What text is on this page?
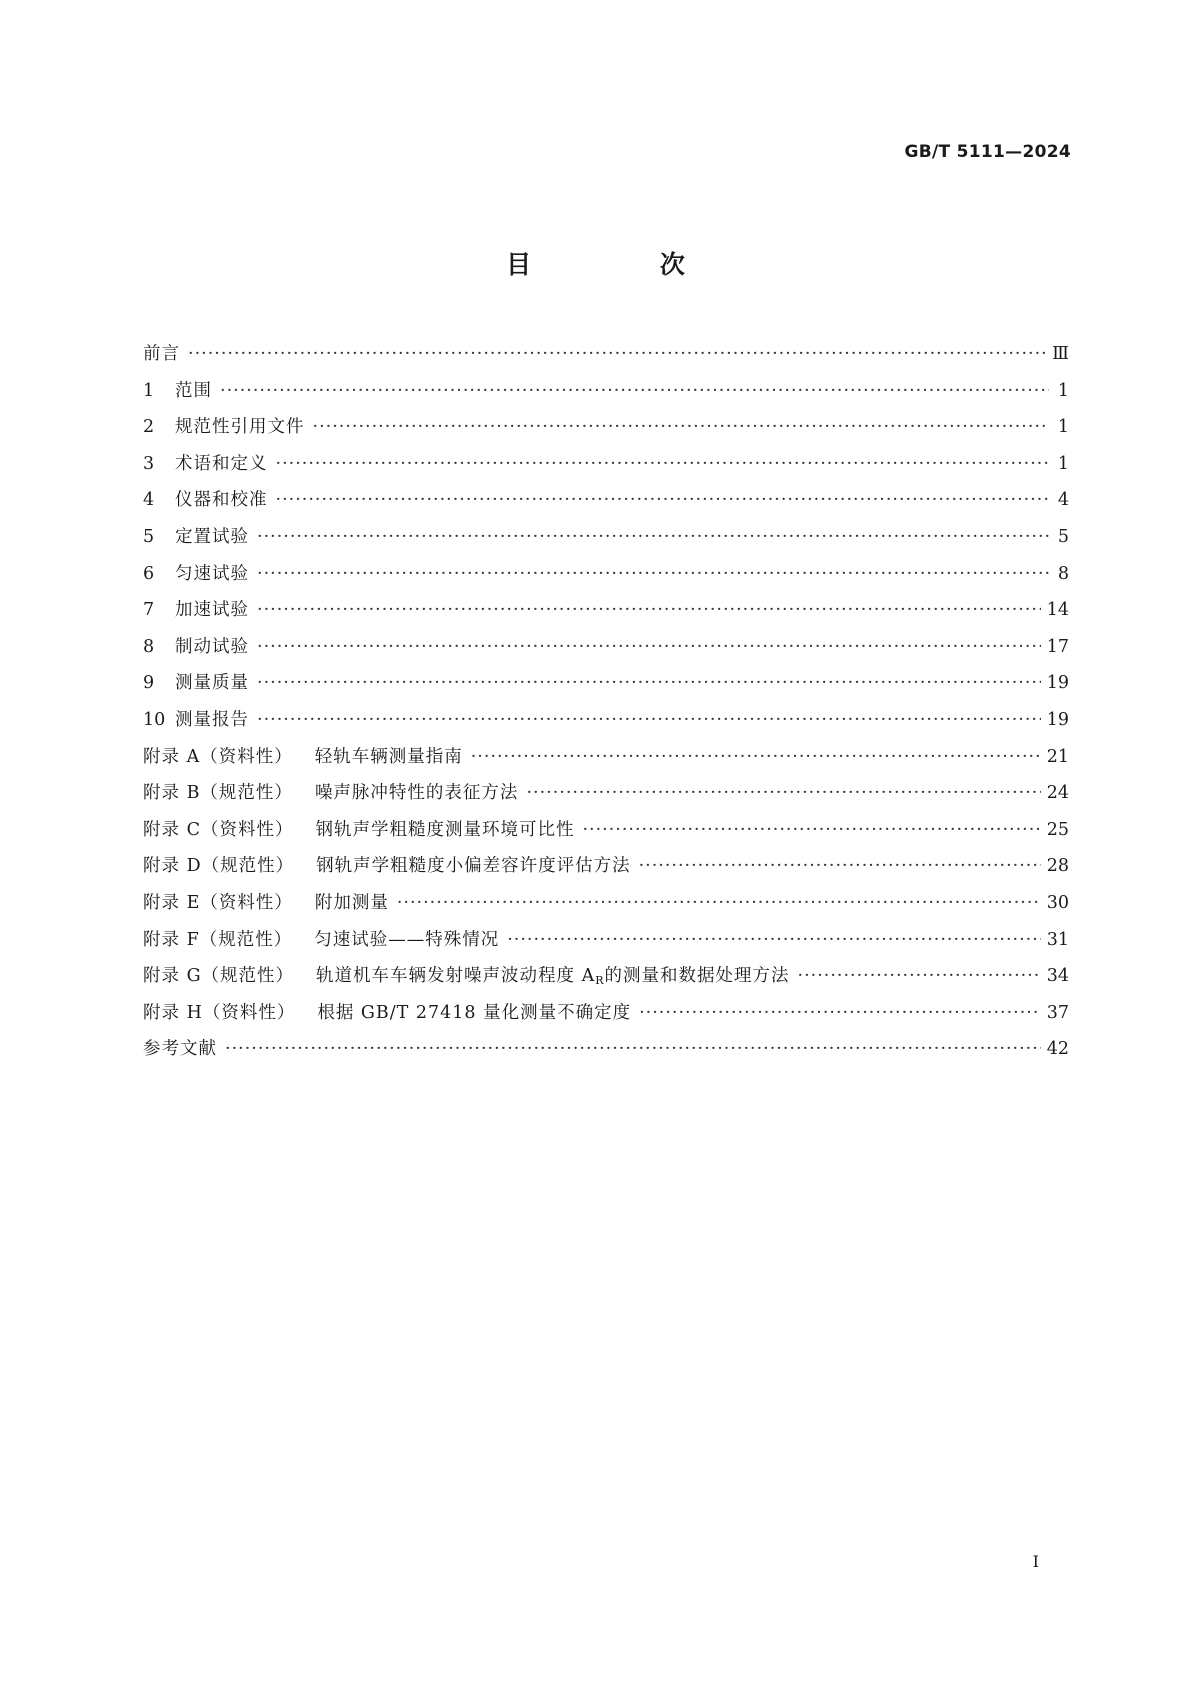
GB/T 5111—2024
目 次
前言 ·····	Ⅲ
1 范围 ·····	1
2 规范性引用文件 ·····	1
3 术语和定义 ·····	1
4 仪器和校准 ·····	4
5 定置试验 ·····	5
6 匀速试验 ·····	8
7 加速试验 ·····	14
8 制动试验 ·····	17
9 测量质量 ·····	19
10 测量报告 ·····	19
附录 A（资料性） 轻轨车辆测量指南 ·····	21
附录 B（规范性） 噪声脉冲特性的表征方法 ·····	24
附录 C（资料性） 钢轨声学粗糙度测量环境可比性 ·····	25
附录 D（规范性） 钢轨声学粗糙度小偏差容许度评估方法 ·····	28
附录 E（资料性） 附加测量 ·····	30
附录 F（规范性） 匀速试验——特殊情况 ·····	31
附录 G（规范性） 轨道机车车辆发射噪声波动程度 $A_R$的测量和数据处理方法 ·····	34
附录 H（资料性） 根据 GB/T 27418 量化测量不确定度 ·····	37
参考文献 ·····	42
Ⅰ
